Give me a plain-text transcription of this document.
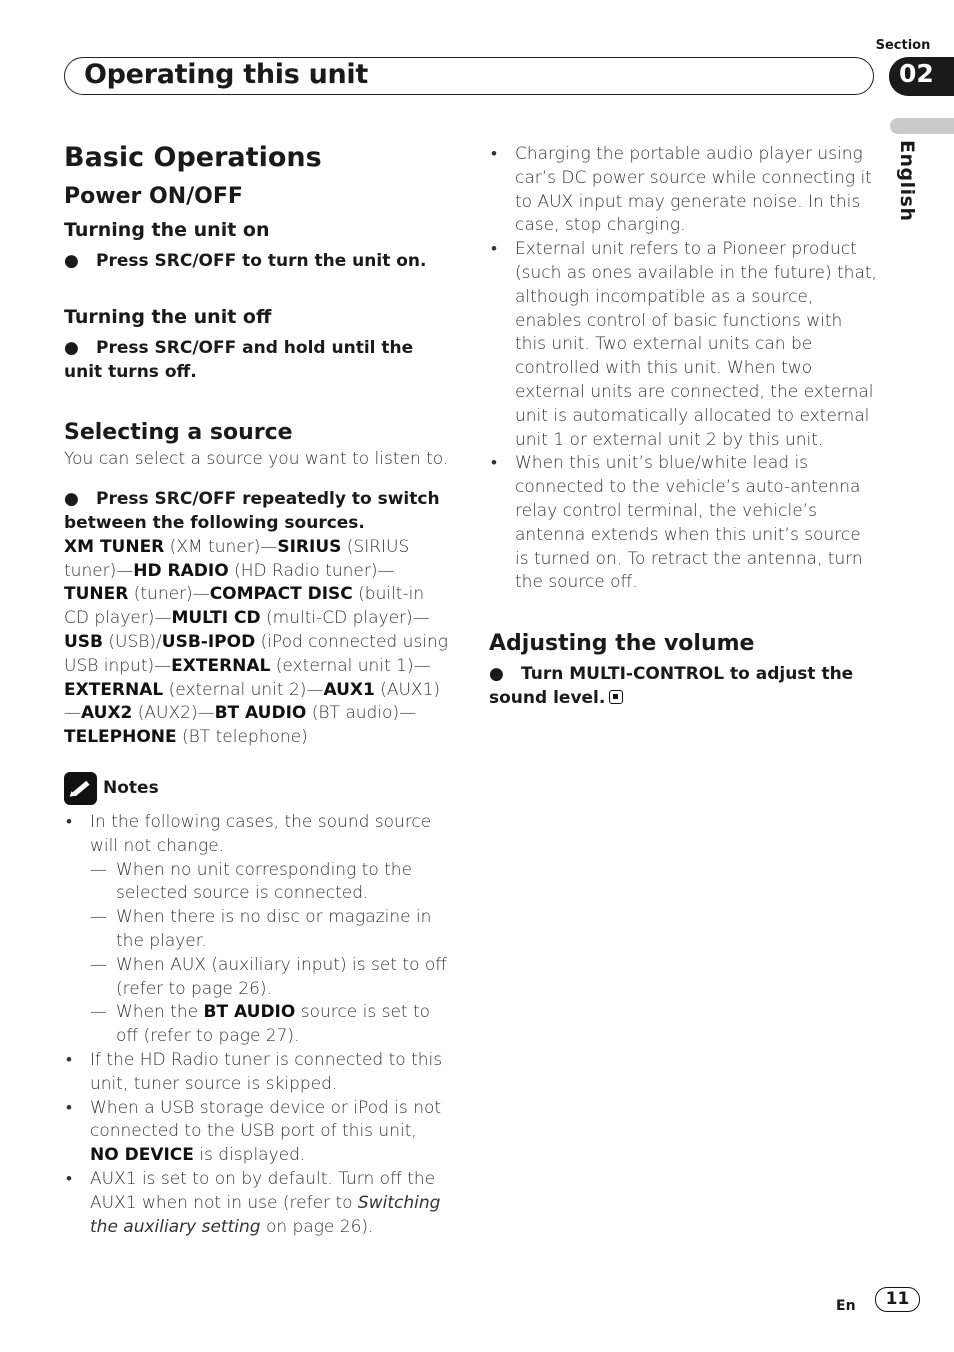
Section
Operating this unit	02
English
Basic Operations
Power ON/OFF
Turning the unit on

● Press SRC/OFF to turn the unit on.

Turning the unit off

● Press SRC/OFF and hold until the unit turns off.

Selecting a source

You can select a source you want to listen to.

● Press SRC/OFF repeatedly to switch between the following sources.

XM TUNER (XM tuner)—SIRIUS (SIRIUS tuner)—HD RADIO (HD Radio tuner)—TUNER (tuner)—COMPACT DISC (built-in CD player)—MULTI CD (multi-CD player)—USB (USB)/USB-IPOD (iPod connected using USB input)—EXTERNAL (external unit 1)—EXTERNAL (external unit 2)—AUX1 (AUX1)—AUX2 (AUX2)—BT AUDIO (BT audio)—TELEPHONE (BT telephone)

Notes
• In the following cases, the sound source will not change.
— When no unit corresponding to the selected source is connected.
— When there is no disc or magazine in the player.
— When AUX (auxiliary input) is set to off (refer to page 26).
— When the BT AUDIO source is set to off (refer to page 27).
• If the HD Radio tuner is connected to this unit, tuner source is skipped.
• When a USB storage device or iPod is not connected to the USB port of this unit,
NO DEVICE is displayed.
• AUX1 is set to on by default. Turn off the AUX1 when not in use (refer to Switching the auxiliary setting on page 26).
• Charging the portable audio player using car’s DC power source while connecting it to AUX input may generate noise. In this case, stop charging.
• External unit refers to a Pioneer product (such as ones available in the future) that, although incompatible as a source, enables control of basic functions with this unit. Two external units can be controlled with this unit. When two external units are connected, the external unit is automatically allocated to external unit 1 or external unit 2 by this unit.
• When this unit’s blue/white lead is connected to the vehicle’s auto-antenna relay control terminal, the vehicle’s antenna extends when this unit’s source is turned on. To retract the antenna, turn the source off.
Adjusting the volume

● Turn MULTI-CONTROL to adjust the sound level.

En	11
